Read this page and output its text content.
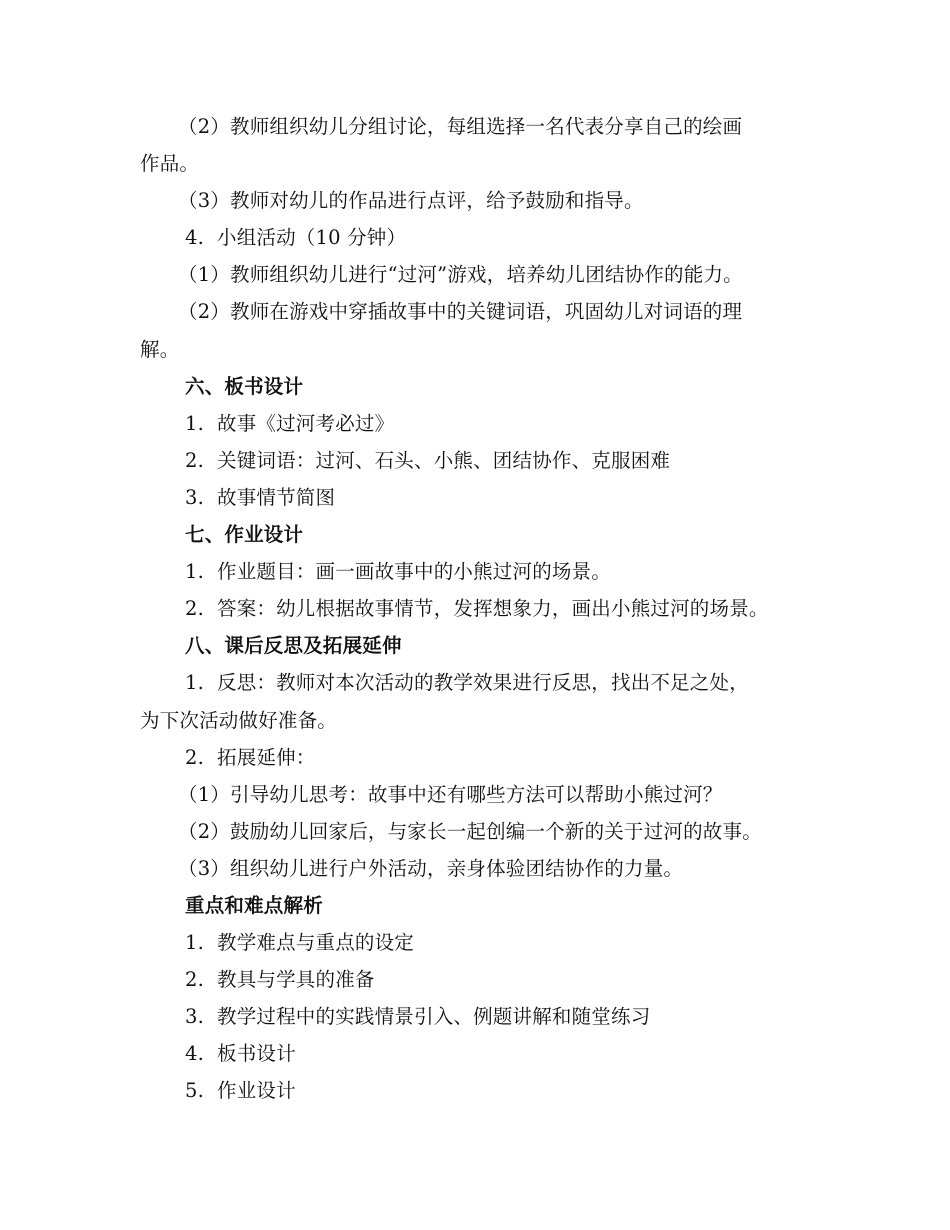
（2）教师组织幼儿分组讨论，每组选择一名代表分享自己的绘画
作品。
（3）教师对幼儿的作品进行点评，给予鼓励和指导。
4. 小组活动（10 分钟）
（1）教师组织幼儿进行“过河”游戏，培养幼儿团结协作的能力。
（2）教师在游戏中穿插故事中的关键词语，巩固幼儿对词语的理
解。
六、板书设计
1. 故事《过河考必过》
2. 关键词语：过河、石头、小熊、团结协作、克服困难
3. 故事情节简图
七、作业设计
1. 作业题目：画一画故事中的小熊过河的场景。
2. 答案：幼儿根据故事情节，发挥想象力，画出小熊过河的场景。
八、课后反思及拓展延伸
1. 反思：教师对本次活动的教学效果进行反思，找出不足之处，
为下次活动做好准备。
2. 拓展延伸：
（1）引导幼儿思考：故事中还有哪些方法可以帮助小熊过河？
（2）鼓励幼儿回家后，与家长一起创编一个新的关于过河的故事。
（3）组织幼儿进行户外活动，亲身体验团结协作的力量。
重点和难点解析
1. 教学难点与重点的设定
2. 教具与学具的准备
3. 教学过程中的实践情景引入、例题讲解和随堂练习
4. 板书设计
5. 作业设计
